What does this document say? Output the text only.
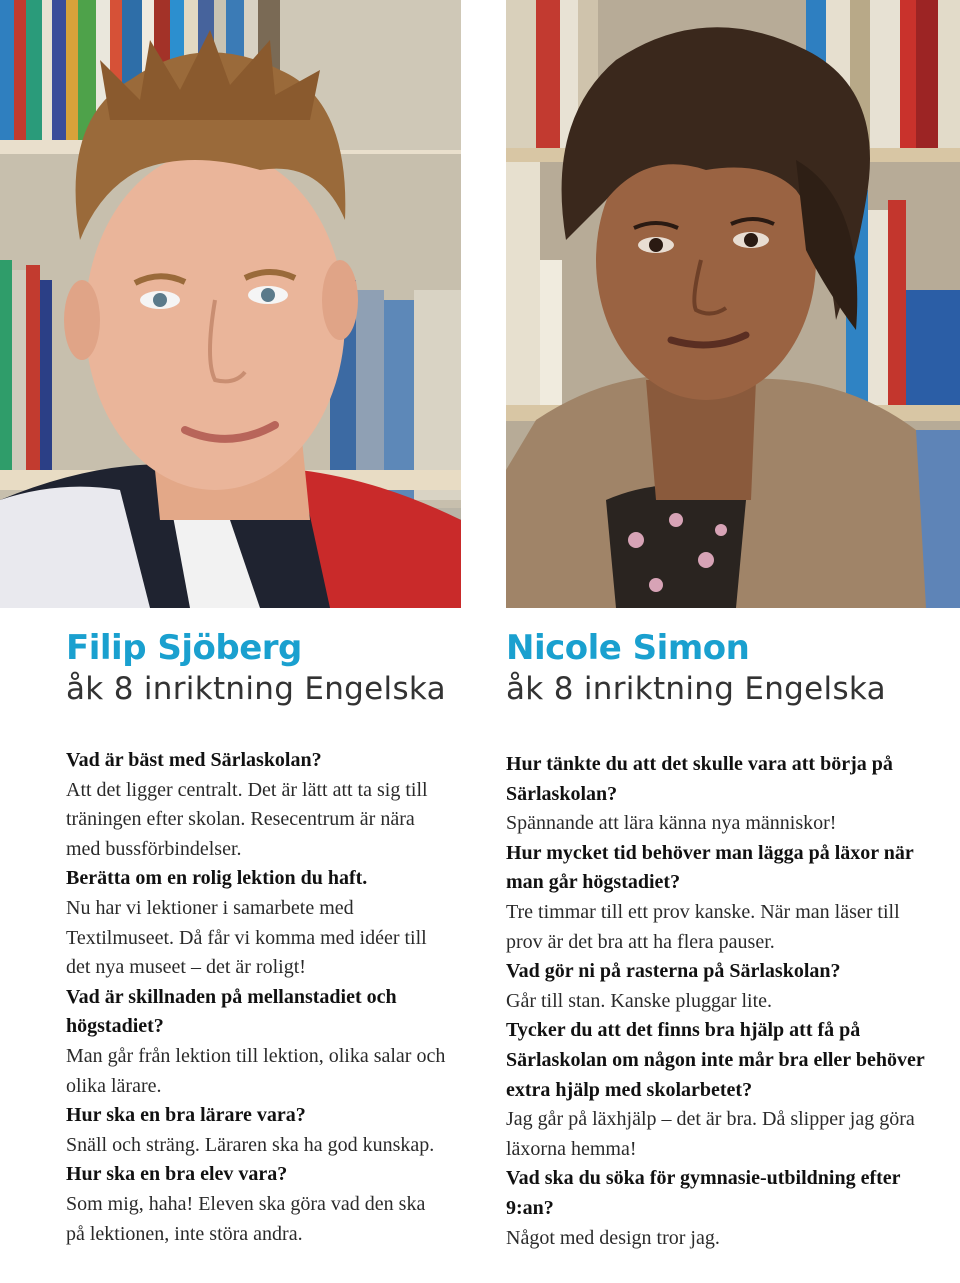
Filip Sjöberg
åk 8 inriktning Engelska
Vad är bäst med Särlaskolan?
Att det ligger centralt. Det är lätt att ta sig till träningen efter skolan. Resecentrum är nära med bussförbindelser.
Berätta om en rolig lektion du haft.
Nu har vi lektioner i samarbete med Textilmuseet. Då får vi komma med idéer till det nya museet – det är roligt!
Vad är skillnaden på mellanstadiet och högstadiet?
Man går från lektion till lektion, olika salar och olika lärare.
Hur ska en bra lärare vara?
Snäll och sträng. Läraren ska ha god kunskap.
Hur ska en bra elev vara?
Som mig, haha! Eleven ska göra vad den ska på lektionen, inte störa andra.
Nicole Simon
åk 8 inriktning Engelska
Hur tänkte du att det skulle vara att börja på Särlaskolan?
Spännande att lära känna nya människor!
Hur mycket tid behöver man lägga på läxor när man går högstadiet?
Tre timmar till ett prov kanske. När man läser till prov är det bra att ha flera pauser.
Vad gör ni på rasterna på Särlaskolan?
Går till stan. Kanske pluggar lite.
Tycker du att det finns bra hjälp att få på Särlaskolan om någon inte mår bra eller behöver extra hjälp med skolarbetet?
Jag går på läxhjälp – det är bra. Då slipper jag göra läxorna hemma!
Vad ska du söka för gymnasie-utbildning efter 9:an?
Något med design tror jag.
